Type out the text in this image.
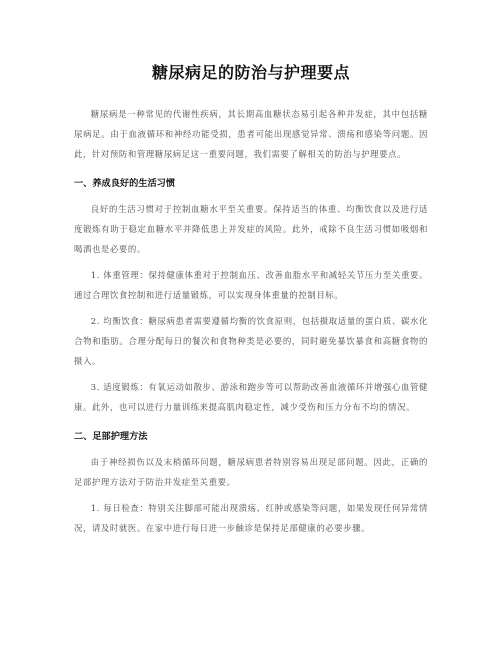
糖尿病足的防治与护理要点

糖尿病是一种常见的代谢性疾病，其长期高血糖状态易引起各种并发症，其中包括糖尿病足。由于血液循环和神经功能受损，患者可能出现感觉异常、溃疡和感染等问题。因此，针对预防和管理糖尿病足这一重要问题，我们需要了解相关的防治与护理要点。

一、养成良好的生活习惯

良好的生活习惯对于控制血糖水平至关重要。保持适当的体重、均衡饮食以及进行适度锻炼有助于稳定血糖水平并降低患上并发症的风险。此外，戒除不良生活习惯如吸烟和喝酒也是必要的。

1. 体重管理：保持健康体重对于控制血压、改善血脂水平和减轻关节压力至关重要。通过合理饮食控制和进行适量锻炼，可以实现身体重量的控制目标。

2. 均衡饮食：糖尿病患者需要遵循均衡的饮食原则，包括摄取适量的蛋白质、碳水化合物和脂肪。合理分配每日的餐次和食物种类是必要的，同时避免暴饮暴食和高糖食物的摄入。

3. 适度锻炼：有氧运动如散步、游泳和跑步等可以帮助改善血液循环并增强心血管健康。此外，也可以进行力量训练来提高肌肉稳定性，减少受伤和压力分布不均的情况。

二、足部护理方法

由于神经损伤以及末梢循环问题，糖尿病患者特别容易出现足部问题。因此，正确的足部护理方法对于防治并发症至关重要。

1. 每日检查：特别关注脚部可能出现溃疡、红肿或感染等问题，如果发现任何异常情况，请及时就医。在家中进行每日进一步触诊是保持足部健康的必要步骤。
